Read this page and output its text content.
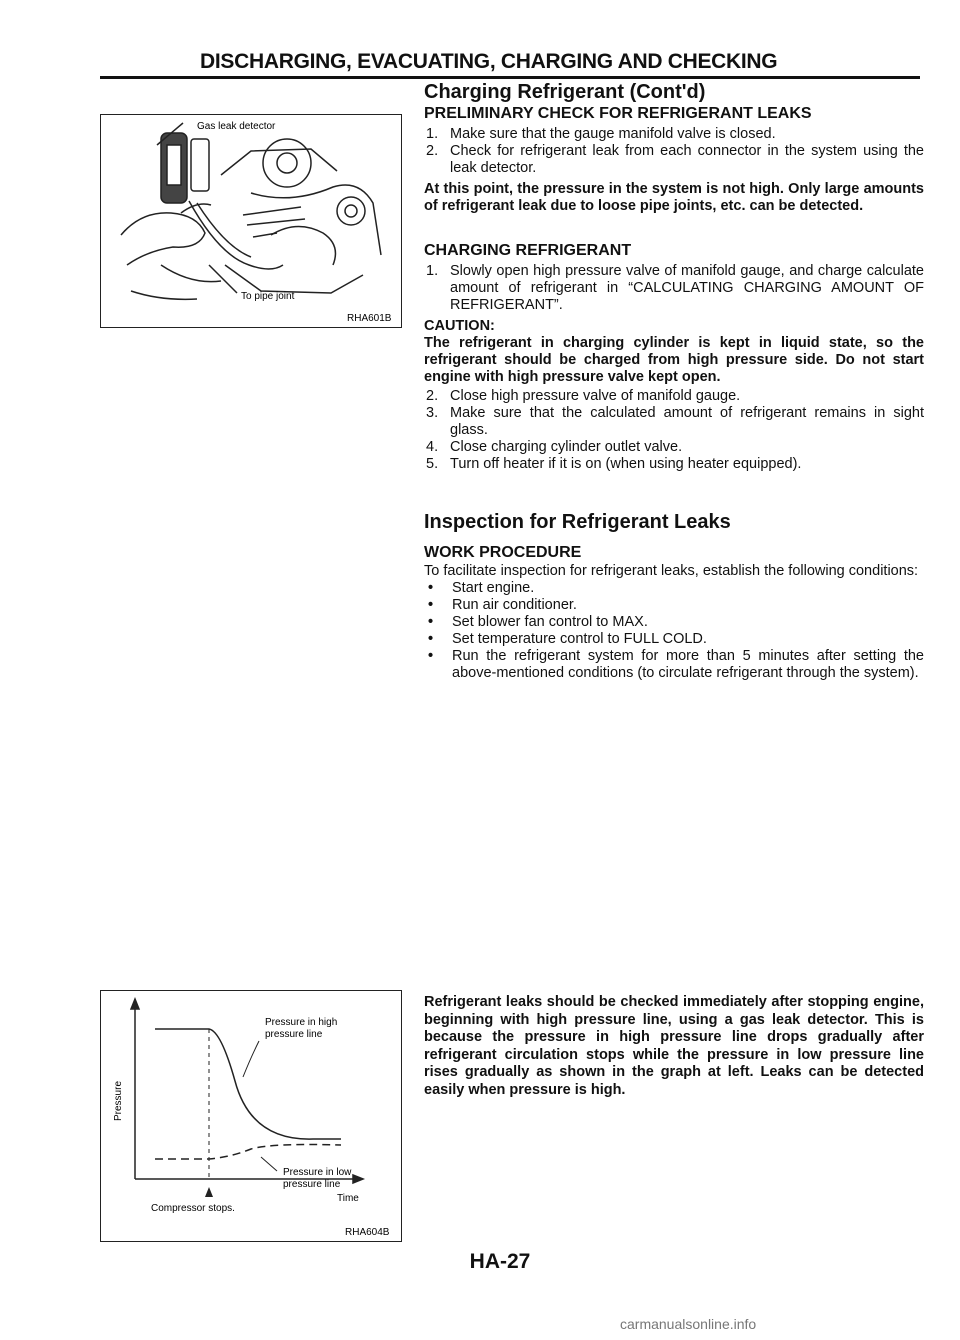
DISCHARGING, EVACUATING, CHARGING AND CHECKING
Gas leak detector
To pipe joint
RHA601B

Charging Refrigerant (Cont'd)

PRELIMINARY CHECK FOR REFRIGERANT LEAKS

1. Make sure that the gauge manifold valve is closed.
2. Check for refrigerant leak from each connector in the system using the leak detector.

At this point, the pressure in the system is not high. Only large amounts of refrigerant leak due to loose pipe joints, etc. can be detected.

CHARGING REFRIGERANT

1. Slowly open high pressure valve of manifold gauge, and charge calculate amount of refrigerant in “CALCULATING CHARGING AMOUNT OF REFRIGERANT”.

CAUTION:

The refrigerant in charging cylinder is kept in liquid state, so the refrigerant should be charged from high pressure side. Do not start engine with high pressure valve kept open.

2. Close high pressure valve of manifold gauge.
3. Make sure that the calculated amount of refrigerant remains in sight glass.
4. Close charging cylinder outlet valve.
5. Turn off heater if it is on (when using heater equipped).

Inspection for Refrigerant Leaks

WORK PROCEDURE

To facilitate inspection for refrigerant leaks, establish the following conditions:

• Start engine.
• Run air conditioner.
• Set blower fan control to MAX.
• Set temperature control to FULL COLD.
• Run the refrigerant system for more than 5 minutes after setting the above-mentioned conditions (to circulate refrigerant through the system).
Pressure
Pressure in high
pressure line
Pressure in low
pressure line
Time
Compressor stops.
RHA604B
Refrigerant leaks should be checked immediately after stopping engine, beginning with high pressure line, using a gas leak detector. This is because the pressure in high pressure line drops gradually after refrigerant circulation stops while the pressure in low pressure line rises gradually as shown in the graph at left. Leaks can be detected easily when pressure is high.
HA-27
carmanualsonline.info
